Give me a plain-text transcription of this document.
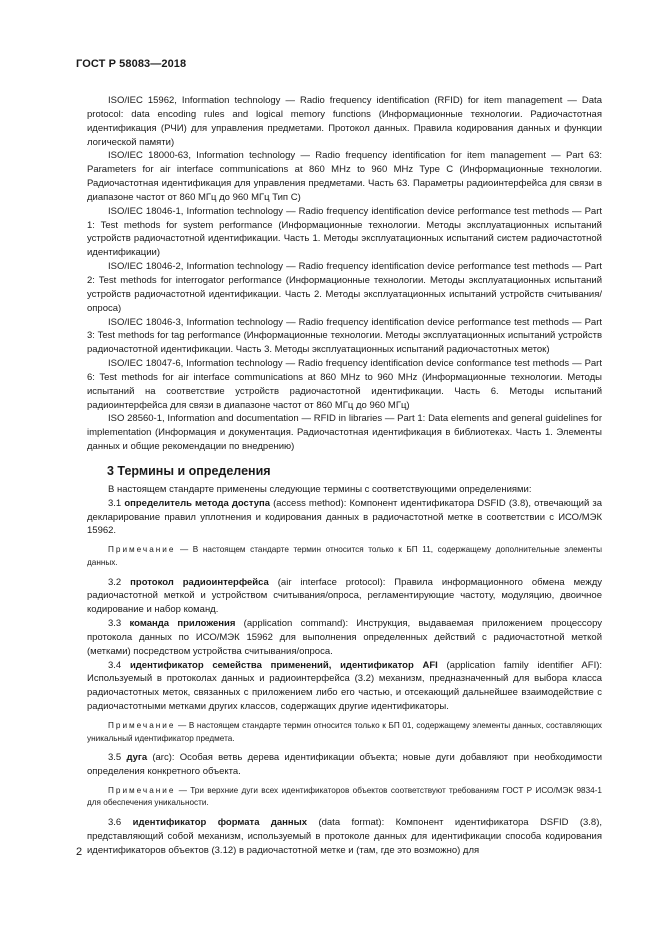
ГОСТ Р 58083—2018

ISO/IEC 15962, Information technology — Radio frequency identification (RFID) for item management — Data protocol: data encoding rules and logical memory functions (Информационные технологии. Радиочастотная идентификация (РЧИ) для управления предметами. Протокол данных. Правила кодирования данных и функции логической памяти)

ISO/IEC 18000-63, Information technology — Radio frequency identification for item management — Part 63: Parameters for air interface communications at 860 MHz to 960 MHz Type C (Информационные технологии. Радиочастотная идентификация для управления предметами. Часть 63. Параметры радиоинтерфейса для связи в диапазоне частот от 860 МГц до 960 МГц Тип С)

ISO/IEC 18046-1, Information technology — Radio frequency identification device performance test methods — Part 1: Test methods for system performance (Информационные технологии. Методы эксплуатационных испытаний устройств радиочастотной идентификации. Часть 1. Методы эксплуатационных испытаний систем радиочастотной идентификации)

ISO/IEC 18046-2, Information technology — Radio frequency identification device performance test methods — Part 2: Test methods for interrogator performance (Информационные технологии. Методы эксплуатационных испытаний устройств радиочастотной идентификации. Часть 2. Методы эксплуатационных испытаний устройств считывания/опроса)

ISO/IEC 18046-3, Information technology — Radio frequency identification device performance test methods — Part 3: Test methods for tag performance (Информационные технологии. Методы эксплуатационных испытаний устройств радиочастотной идентификации. Часть 3. Методы эксплуатационных испытаний радиочастотных меток)

ISO/IEC 18047-6, Information technology — Radio frequency identification device conformance test methods — Part 6: Test methods for air interface communications at 860 MHz to 960 MHz (Информационные технологии. Методы испытаний на соответствие устройств радиочастотной идентификации. Часть 6. Методы испытаний радиоинтерфейса для связи в диапазоне частот от 860 МГц до 960 МГц)

ISO 28560-1, Information and documentation — RFID in libraries — Part 1: Data elements and general guidelines for implementation (Информация и документация. Радиочастотная идентификация в библиотеках. Часть 1. Элементы данных и общие рекомендации по внедрению)

3 Термины и определения

В настоящем стандарте применены следующие термины с соответствующими определениями:

3.1 определитель метода доступа (access method): Компонент идентификатора DSFID (3.8), отвечающий за декларирование правил уплотнения и кодирования данных в радиочастотной метке в соответствии с ИСО/МЭК 15962.

Примечание — В настоящем стандарте термин относится только к БП 11, содержащему дополнительные элементы данных.

3.2 протокол радиоинтерфейса (air interface protocol): Правила информационного обмена между радиочастотной меткой и устройством считывания/опроса, регламентирующие частоту, модуляцию, двоичное кодирование и набор команд.

3.3 команда приложения (application command): Инструкция, выдаваемая приложением процессору протокола данных по ИСО/МЭК 15962 для выполнения определенных действий с радиочастотной меткой (метками) посредством устройства считывания/опроса.

3.4 идентификатор семейства применений, идентификатор AFI (application family identifier AFI): Используемый в протоколах данных и радиоинтерфейса (3.2) механизм, предназначенный для выбора класса радиочастотных меток, связанных с приложением либо его частью, и отсекающий дальнейшее взаимодействие с радиочастотными метками других классов, содержащих другие идентификаторы.

Примечание — В настоящем стандарте термин относится только к БП 01, содержащему элементы данных, составляющих уникальный идентификатор предмета.

3.5 дуга (arc): Особая ветвь дерева идентификации объекта; новые дуги добавляют при необходимости определения конкретного объекта.

Примечание — Три верхние дуги всех идентификаторов объектов соответствуют требованиям ГОСТ Р ИСО/МЭК 9834-1 для обеспечения уникальности.

3.6 идентификатор формата данных (data format): Компонент идентификатора DSFID (3.8), представляющий собой механизм, используемый в протоколе данных для идентификации способа кодирования идентификаторов объектов (3.12) в радиочастотной метке и (там, где это возможно) для

2
